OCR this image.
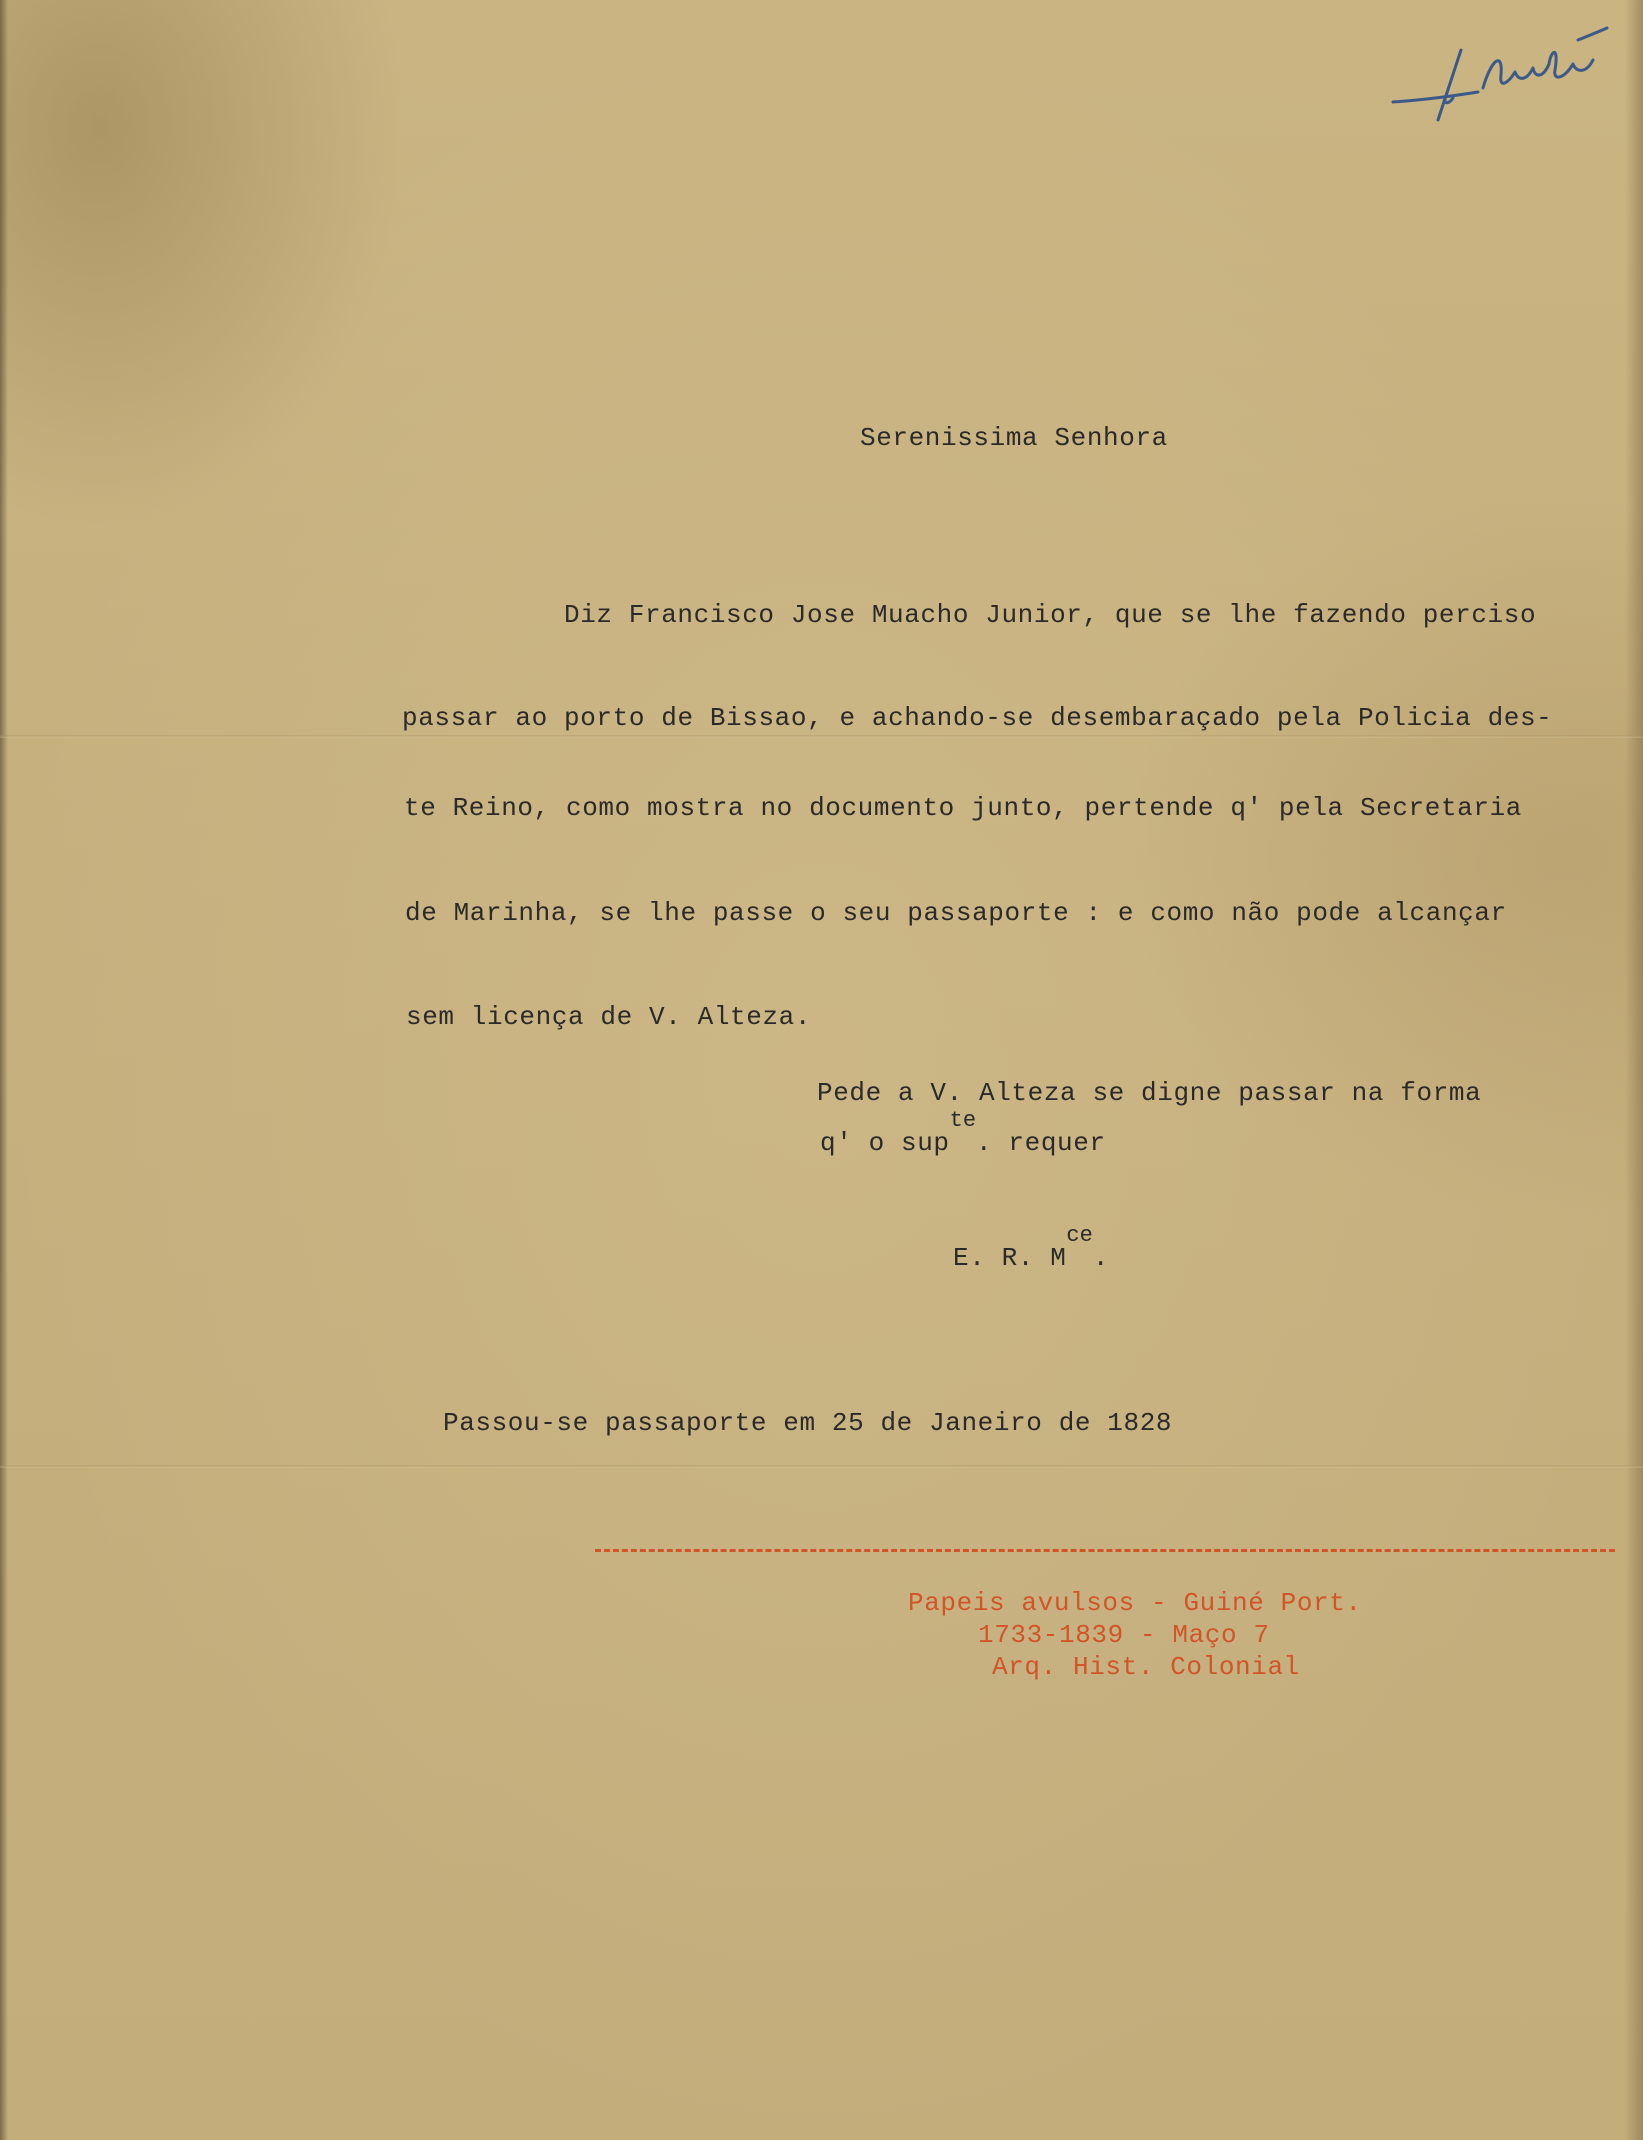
Serenissima Senhora
Diz Francisco Jose Muacho Junior, que se lhe fazendo perciso
passar ao porto de Bissao, e achando-se desembaraçado pela Policia des-
te Reino, como mostra no documento junto, pertende q' pela Secretaria
de Marinha, se lhe passe o seu passaporte : e como não pode alcançar
sem licença de V. Alteza.
Pede a V. Alteza se digne passar na forma
q' o sup$^{te}$. requer
E. R. $M^{ce}$.
Passou-se passaporte em 25 de Janeiro de 1828
Papeis avulsos - Guiné Port.
1733-1839 - Maço 7
Arq. Hist. Colonial
